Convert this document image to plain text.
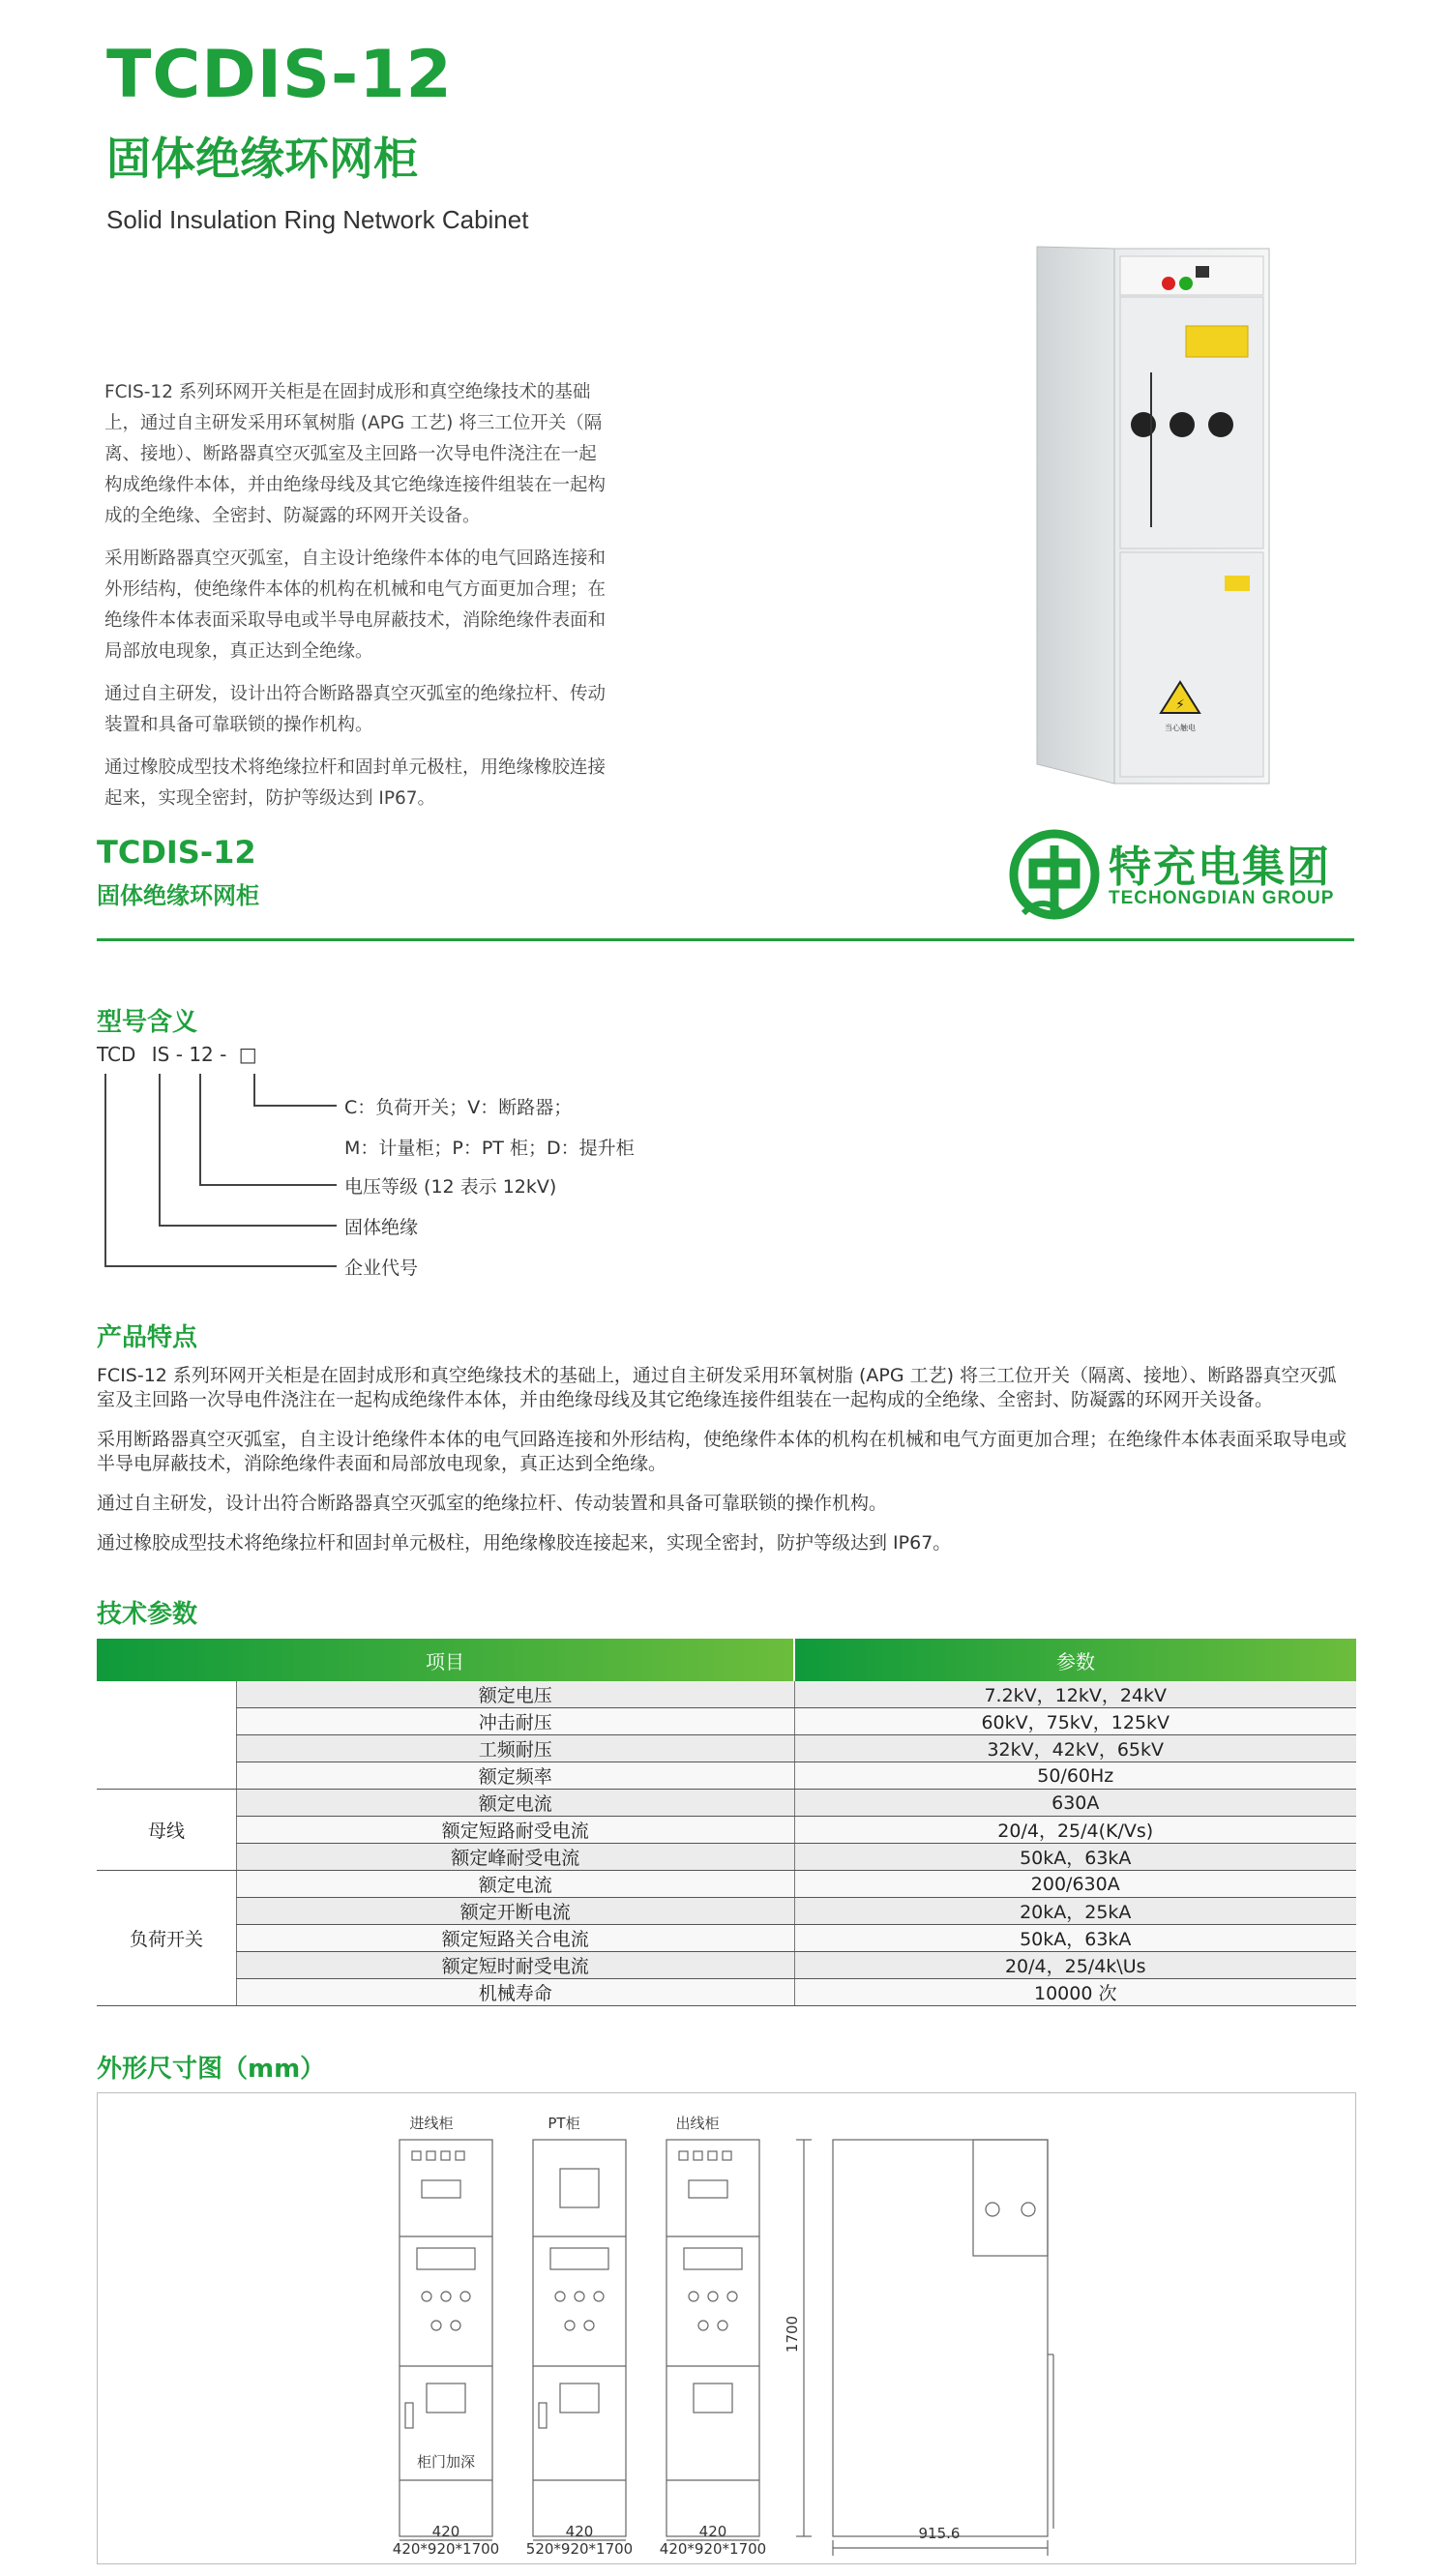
TCDIS-12
固体绝缘环网柜
Solid Insulation Ring Network Cabinet

FCIS-12 系列环网开关柜是在固封成形和真空绝缘技术的基础上，通过自主研发采用环氧树脂 (APG 工艺) 将三工位开关（隔离、接地）、断路器真空灭弧室及主回路一次导电件浇注在一起构成绝缘件本体，并由绝缘母线及其它绝缘连接件组装在一起构成的全绝缘、全密封、防凝露的环网开关设备。

采用断路器真空灭弧室，自主设计绝缘件本体的电气回路连接和外形结构，使绝缘件本体的机构在机械和电气方面更加合理；在绝缘件本体表面采取导电或半导电屏蔽技术，消除绝缘件表面和局部放电现象，真正达到全绝缘。

通过自主研发，设计出符合断路器真空灭弧室的绝缘拉杆、传动装置和具备可靠联锁的操作机构。

通过橡胶成型技术将绝缘拉杆和固封单元极柱，用绝缘橡胶连接起来，实现全密封，防护等级达到 IP67。

⚡
当心触电
TCDIS-12
固体绝缘环网柜
特充电集团
TECHONGDIAN GROUP
型号含义
TCD IS - 12 - □
C：负荷开关；V：断路器；
M：计量柜；P：PT 柜；D：提升柜
电压等级 (12 表示 12kV)
固体绝缘
企业代号
产品特点

FCIS-12 系列环网开关柜是在固封成形和真空绝缘技术的基础上，通过自主研发采用环氧树脂 (APG 工艺) 将三工位开关（隔离、接地）、断路器真空灭弧室及主回路一次导电件浇注在一起构成绝缘件本体，并由绝缘母线及其它绝缘连接件组装在一起构成的全绝缘、全密封、防凝露的环网开关设备。

采用断路器真空灭弧室，自主设计绝缘件本体的电气回路连接和外形结构，使绝缘件本体的机构在机械和电气方面更加合理；在绝缘件本体表面采取导电或半导电屏蔽技术，消除绝缘件表面和局部放电现象，真正达到全绝缘。

通过自主研发，设计出符合断路器真空灭弧室的绝缘拉杆、传动装置和具备可靠联锁的操作机构。

通过橡胶成型技术将绝缘拉杆和固封单元极柱，用绝缘橡胶连接起来，实现全密封，防护等级达到 IP67。

技术参数
项目		参数
	额定电压	7.2kV，12kV，24kV
	冲击耐压	60kV，75kV，125kV
	工频耐压	32kV，42kV，65kV
	额定频率	50/60Hz
母线	额定电流	630A
	额定短路耐受电流	20/4，25/4(K/Vs)
	额定峰耐受电流	50kA，63kA
负荷开关	额定电流	200/630A
	额定开断电流	20kA，25kA
	额定短路关合电流	50kA，63kA
	额定短时耐受电流	20/4，25/4k\Us
	机械寿命	10000 次
外形尺寸图（mm）
进线柜	PT柜	出线柜
柜门加深
420	420	420
420*920*1700	520*920*1700	420*920*1700
1700
915.6
